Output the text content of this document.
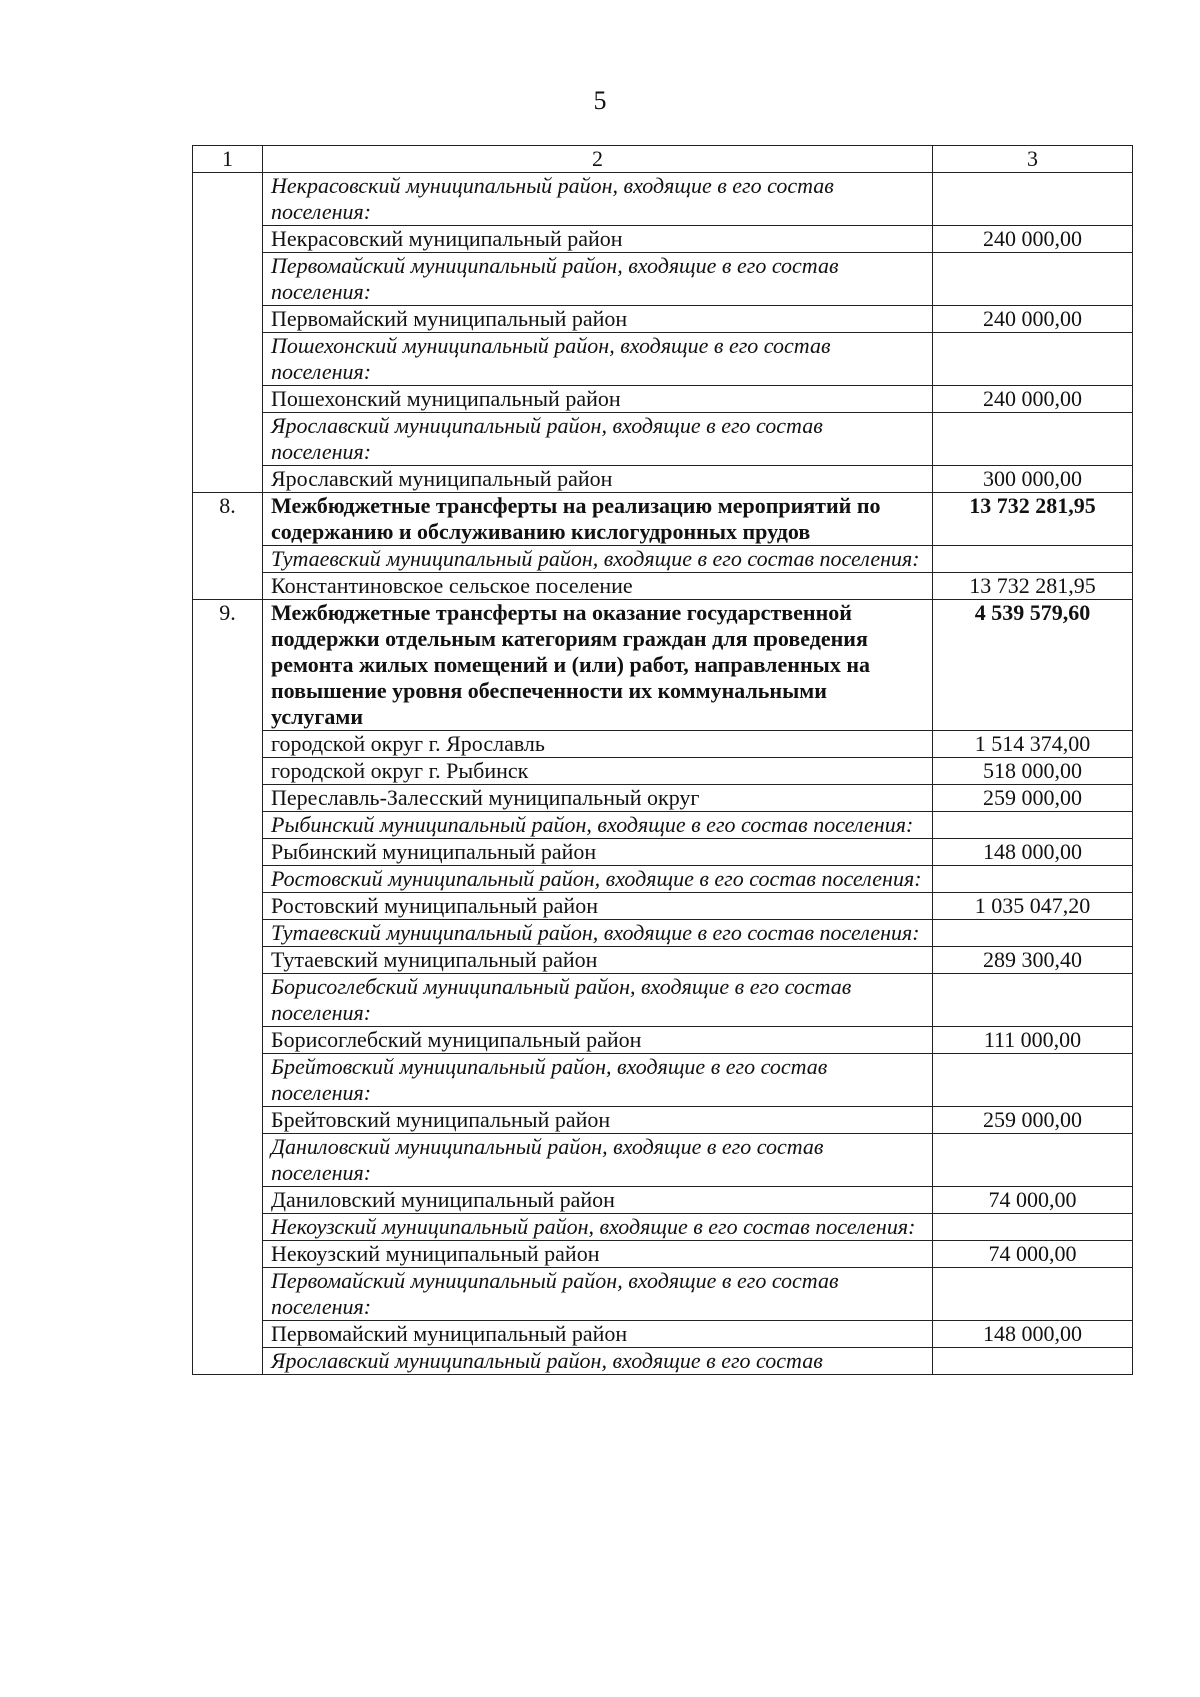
5
1	2	3
	Некрасовский муниципальный район, входящие в его состав поселения:	
	Некрасовский муниципальный район	240 000,00
	Первомайский муниципальный район, входящие в его состав поселения:	
	Первомайский муниципальный район	240 000,00
	Пошехонский муниципальный район, входящие в его состав поселения:	
	Пошехонский муниципальный район	240 000,00
	Ярославский муниципальный район, входящие в его состав поселения:	
	Ярославский муниципальный район	300 000,00
8.	Межбюджетные трансферты на реализацию мероприятий по содержанию и обслуживанию кислогудронных прудов	13 732 281,95
	Тутаевский муниципальный район, входящие в его состав поселения:	
	Константиновское сельское поселение	13 732 281,95
9.	Межбюджетные трансферты на оказание государственной поддержки отдельным категориям граждан для проведения ремонта жилых помещений и (или) работ, направленных на повышение уровня обеспеченности их коммунальными услугами	4 539 579,60
	городской округ г. Ярославль	1 514 374,00
	городской округ г. Рыбинск	518 000,00
	Переславль-Залесский муниципальный округ	259 000,00
	Рыбинский муниципальный район, входящие в его состав поселения:	
	Рыбинский муниципальный район	148 000,00
	Ростовский муниципальный район, входящие в его состав поселения:	
	Ростовский муниципальный район	1 035 047,20
	Тутаевский муниципальный район, входящие в его состав поселения:	
	Тутаевский муниципальный район	289 300,40
	Борисоглебский муниципальный район, входящие в его состав поселения:	
	Борисоглебский муниципальный район	111 000,00
	Брейтовский муниципальный район, входящие в его состав поселения:	
	Брейтовский муниципальный район	259 000,00
	Даниловский муниципальный район, входящие в его состав поселения:	
	Даниловский муниципальный район	74 000,00
	Некоузский муниципальный район, входящие в его состав поселения:	
	Некоузский муниципальный район	74 000,00
	Первомайский муниципальный район, входящие в его состав поселения:	
	Первомайский муниципальный район	148 000,00
	Ярославский муниципальный район, входящие в его состав	
